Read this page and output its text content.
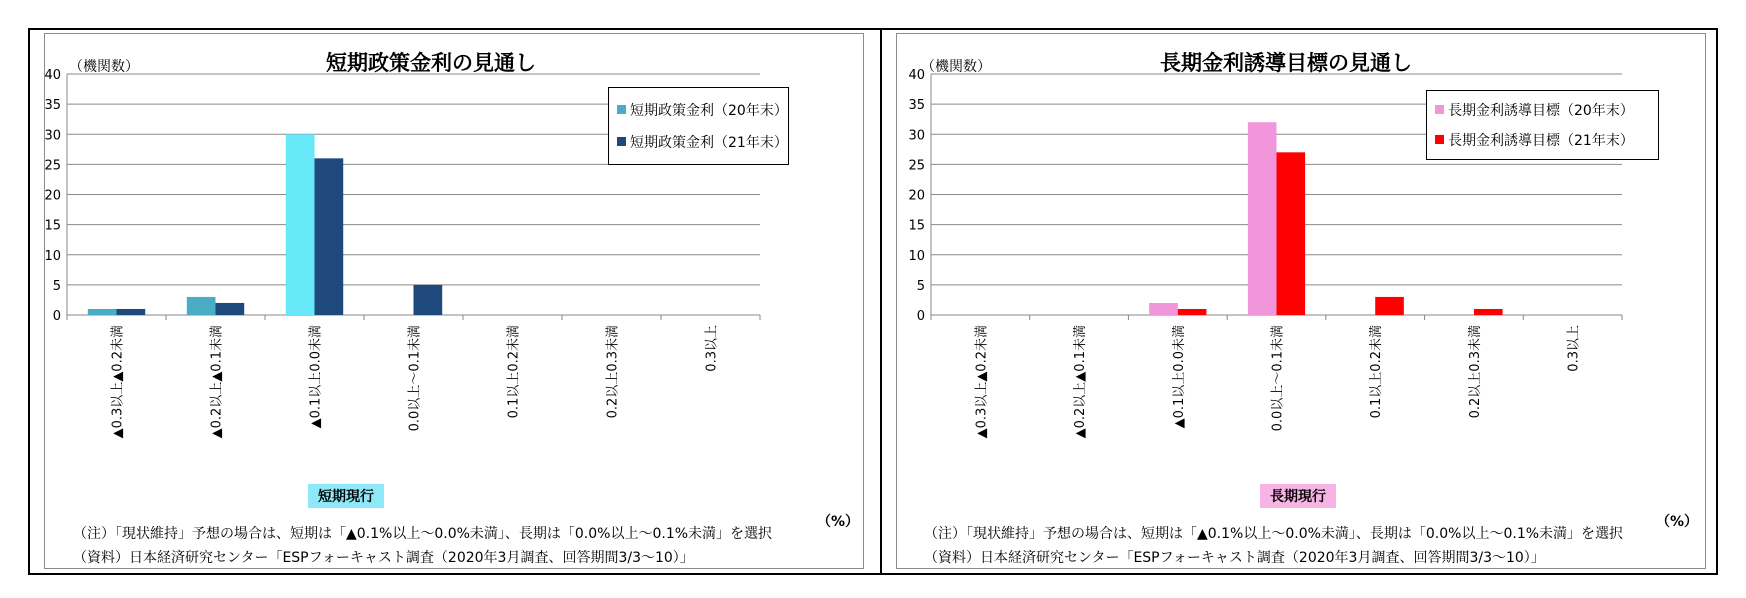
（機関数）	短期政策金利の見通し
0
5
10
15
20
25
30
35
40
▲0.3以上▲0.2未満	▲0.2以上▲0.1未満	▲0.1以上0.0未満	0.0以上～0.1未満	0.1以上0.2未満	0.2以上0.3未満	0.3以上
短期政策金利（20年末）
短期政策金利（21年末）
短期現行
（%）
（注）「現状維持」予想の場合は、短期は「▲0.1%以上～0.0%未満」、長期は「0.0%以上～0.1%未満」を選択
（資料）日本経済研究センター「ESPフォーキャスト調査（2020年3月調査、回答期間3/3～10）」
（機関数）	長期金利誘導目標の見通し
0
5
10
15
20
25
30
35
40
▲0.3以上▲0.2未満	▲0.2以上▲0.1未満	▲0.1以上0.0未満	0.0以上～0.1未満	0.1以上0.2未満	0.2以上0.3未満	0.3以上
長期金利誘導目標（20年末）
長期金利誘導目標（21年末）
長期現行
（%）
（注）「現状維持」予想の場合は、短期は「▲0.1%以上～0.0%未満」、長期は「0.0%以上～0.1%未満」を選択
（資料）日本経済研究センター「ESPフォーキャスト調査（2020年3月調査、回答期間3/3～10）」
